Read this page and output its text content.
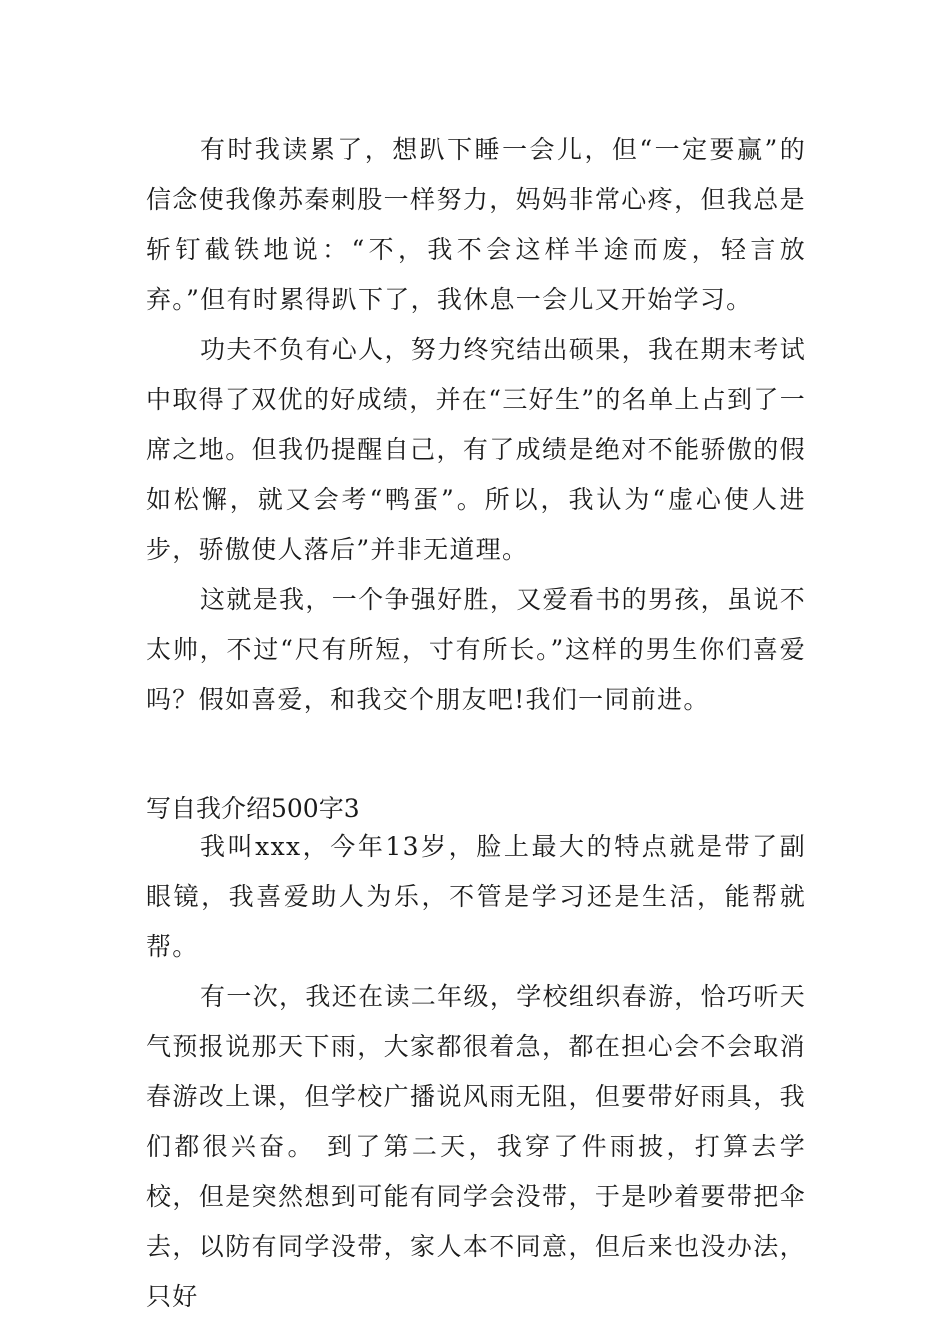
有时我读累了，想趴下睡一会儿，但“一定要赢”的信念使我像苏秦刺股一样努力，妈妈非常心疼，但我总是斩钉截铁地说：“不，我不会这样半途而废，轻言放弃。”但有时累得趴下了，我休息一会儿又开始学习。

功夫不负有心人，努力终究结出硕果，我在期末考试中取得了双优的好成绩，并在“三好生”的名单上占到了一席之地。但我仍提醒自己，有了成绩是绝对不能骄傲的假如松懈，就又会考“鸭蛋”。所以，我认为“虚心使人进步，骄傲使人落后”并非无道理。

这就是我，一个争强好胜，又爱看书的男孩，虽说不太帅，不过“尺有所短，寸有所长。”这样的男生你们喜爱吗？假如喜爱，和我交个朋友吧!我们一同前进。

写自我介绍500字3

我叫xxx，今年13岁，脸上最大的特点就是带了副眼镜，我喜爱助人为乐，不管是学习还是生活，能帮就帮。

有一次，我还在读二年级，学校组织春游，恰巧听天气预报说那天下雨，大家都很着急，都在担心会不会取消春游改上课，但学校广播说风雨无阻，但要带好雨具，我们都很兴奋。 到了第二天，我穿了件雨披，打算去学校，但是突然想到可能有同学会没带，于是吵着要带把伞去，以防有同学没带，家人本不同意，但后来也没办法，只好
